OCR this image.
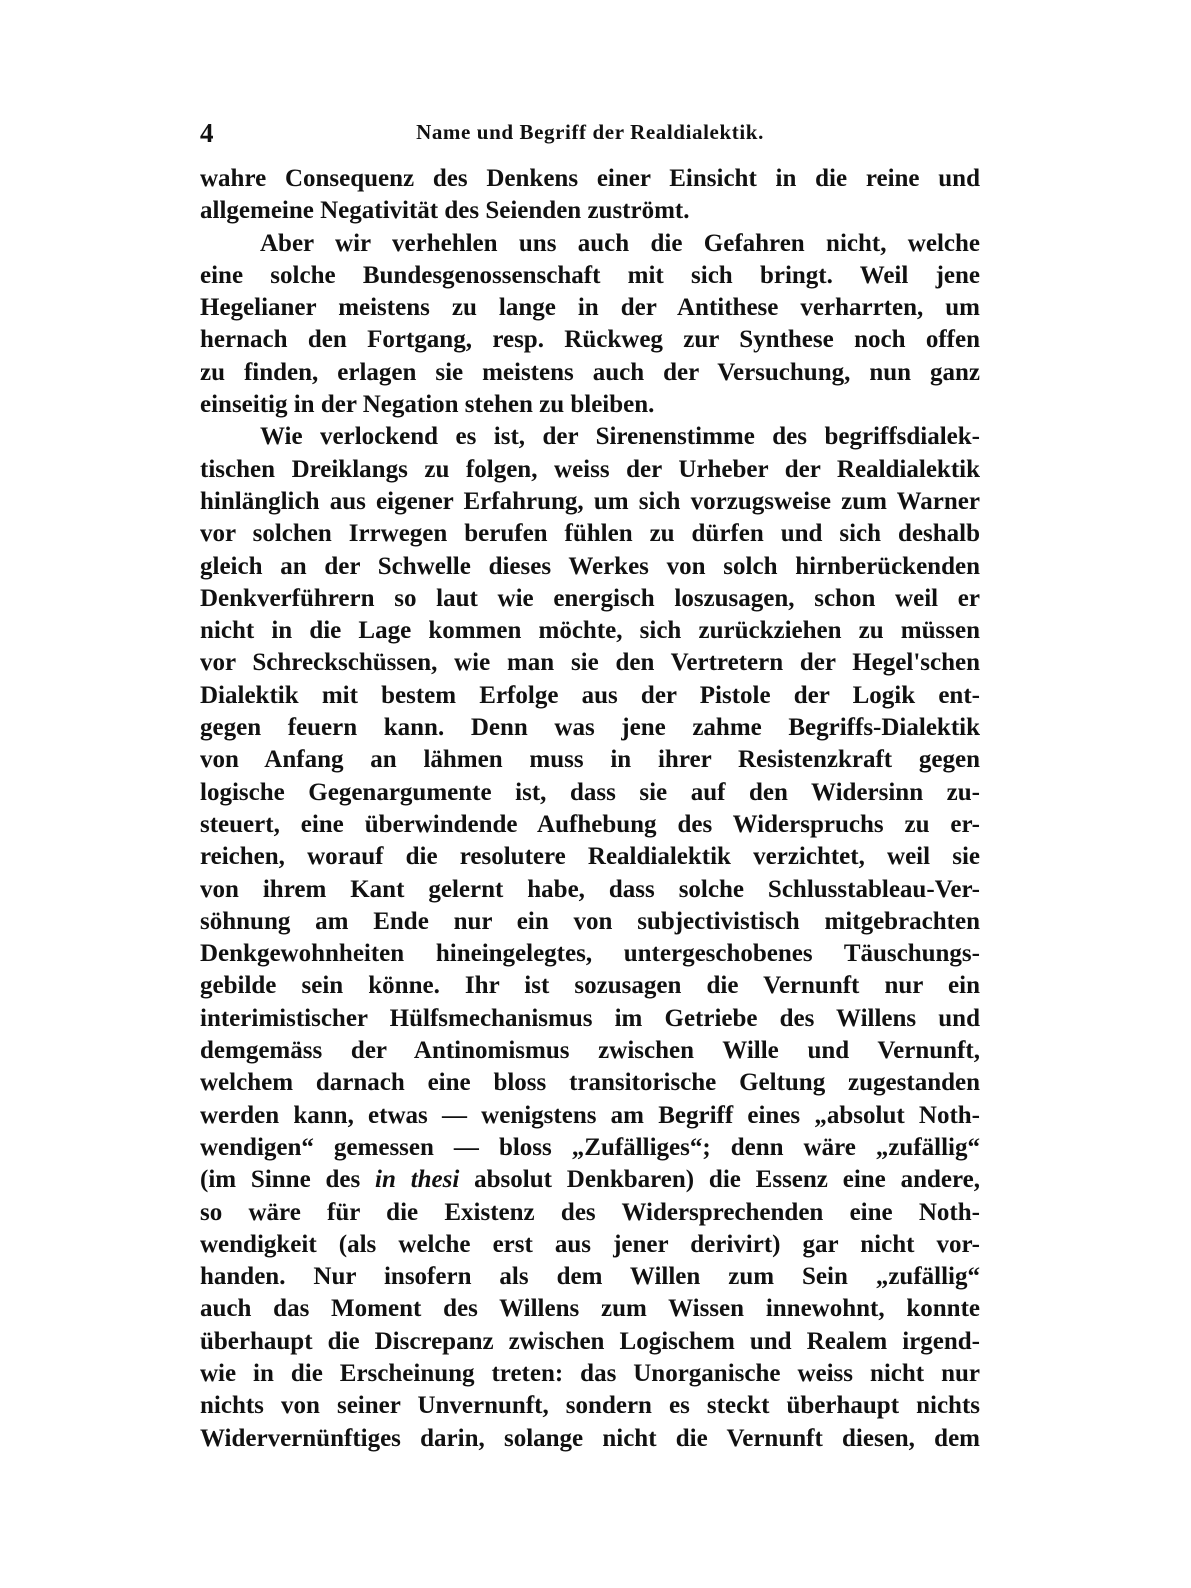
4	Name und Begriff der Realdialektik.
wahre Consequenz des Denkens einer Einsicht in die reine und
allgemeine Negativität des Seienden zuströmt.
Aber wir verhehlen uns auch die Gefahren nicht, welche
eine solche Bundesgenossenschaft mit sich bringt. Weil jene
Hegelianer meistens zu lange in der Antithese verharrten, um
hernach den Fortgang, resp. Rückweg zur Synthese noch offen
zu finden, erlagen sie meistens auch der Versuchung, nun ganz
einseitig in der Negation stehen zu bleiben.
Wie verlockend es ist, der Sirenenstimme des begriffsdialek-
tischen Dreiklangs zu folgen, weiss der Urheber der Realdialektik
hinlänglich aus eigener Erfahrung, um sich vorzugsweise zum Warner
vor solchen Irrwegen berufen fühlen zu dürfen und sich deshalb
gleich an der Schwelle dieses Werkes von solch hirnberückenden
Denkverführern so laut wie energisch loszusagen, schon weil er
nicht in die Lage kommen möchte, sich zurückziehen zu müssen
vor Schreckschüssen, wie man sie den Vertretern der Hegel'schen
Dialektik mit bestem Erfolge aus der Pistole der Logik ent-
gegen feuern kann. Denn was jene zahme Begriffs-Dialektik
von Anfang an lähmen muss in ihrer Resistenzkraft gegen
logische Gegenargumente ist, dass sie auf den Widersinn zu-
steuert, eine überwindende Aufhebung des Widerspruchs zu er-
reichen, worauf die resolutere Realdialektik verzichtet, weil sie
von ihrem Kant gelernt habe, dass solche Schlusstableau-Ver-
söhnung am Ende nur ein von subjectivistisch mitgebrachten
Denkgewohnheiten hineingelegtes, untergeschobenes Täuschungs-
gebilde sein könne. Ihr ist sozusagen die Vernunft nur ein
interimistischer Hülfsmechanismus im Getriebe des Willens und
demgemäss der Antinomismus zwischen Wille und Vernunft,
welchem darnach eine bloss transitorische Geltung zugestanden
werden kann, etwas — wenigstens am Begriff eines „absolut Noth-
wendigen“ gemessen — bloss „Zufälliges“; denn wäre „zufällig“
(im Sinne des in thesi absolut Denkbaren) die Essenz eine andere,
so wäre für die Existenz des Widersprechenden eine Noth-
wendigkeit (als welche erst aus jener derivirt) gar nicht vor-
handen. Nur insofern als dem Willen zum Sein „zufällig“
auch das Moment des Willens zum Wissen innewohnt, konnte
überhaupt die Discrepanz zwischen Logischem und Realem irgend-
wie in die Erscheinung treten: das Unorganische weiss nicht nur
nichts von seiner Unvernunft, sondern es steckt überhaupt nichts
Widervernünftiges darin, solange nicht die Vernunft diesen, dem
